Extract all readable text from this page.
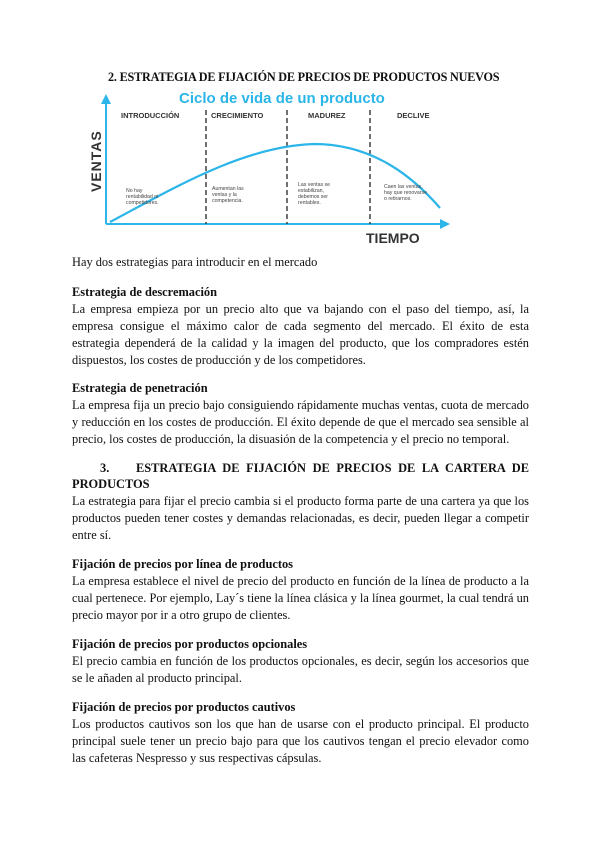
2. ESTRATEGIA DE FIJACIÓN DE PRECIOS DE PRODUCTOS NUEVOS
Ciclo de vida de un producto
VENTAS
TIEMPO
INTRODUCCIÓN	CRECIMIENTO	MADUREZ	DECLIVE
No hay rentabilidad ni competidores.
Aumentan las ventas y la competencia.
Las ventas se estabilizan, debemos ser rentables.
Caen las ventas, hay que renovarse o retirarnos.
Hay dos estrategias para introducir en el mercado
Estrategia de descremación
La empresa empieza por un precio alto que va bajando con el paso del tiempo, así, la empresa consigue el máximo calor de cada segmento del mercado. El éxito de esta estrategia dependerá de la calidad y la imagen del producto, que los compradores estén dispuestos, los costes de producción y de los competidores.
Estrategia de penetración
La empresa fija un precio bajo consiguiendo rápidamente muchas ventas, cuota de mercado y reducción en los costes de producción. El éxito depende de que el mercado sea sensible al precio, los costes de producción, la disuasión de la competencia y el precio no temporal.
3. ESTRATEGIA DE FIJACIÓN DE PRECIOS DE LA CARTERA DE PRODUCTOS
La estrategia para fijar el precio cambia si el producto forma parte de una cartera ya que los productos pueden tener costes y demandas relacionadas, es decir, pueden llegar a competir entre sí.
Fijación de precios por línea de productos
La empresa establece el nivel de precio del producto en función de la línea de producto a la cual pertenece. Por ejemplo, Lay´s tiene la línea clásica y la línea gourmet, la cual tendrá un precio mayor por ir a otro grupo de clientes.
Fijación de precios por productos opcionales
El precio cambia en función de los productos opcionales, es decir, según los accesorios que se le añaden al producto principal.
Fijación de precios por productos cautivos
Los productos cautivos son los que han de usarse con el producto principal. El producto principal suele tener un precio bajo para que los cautivos tengan el precio elevador como las cafeteras Nespresso y sus respectivas cápsulas.
